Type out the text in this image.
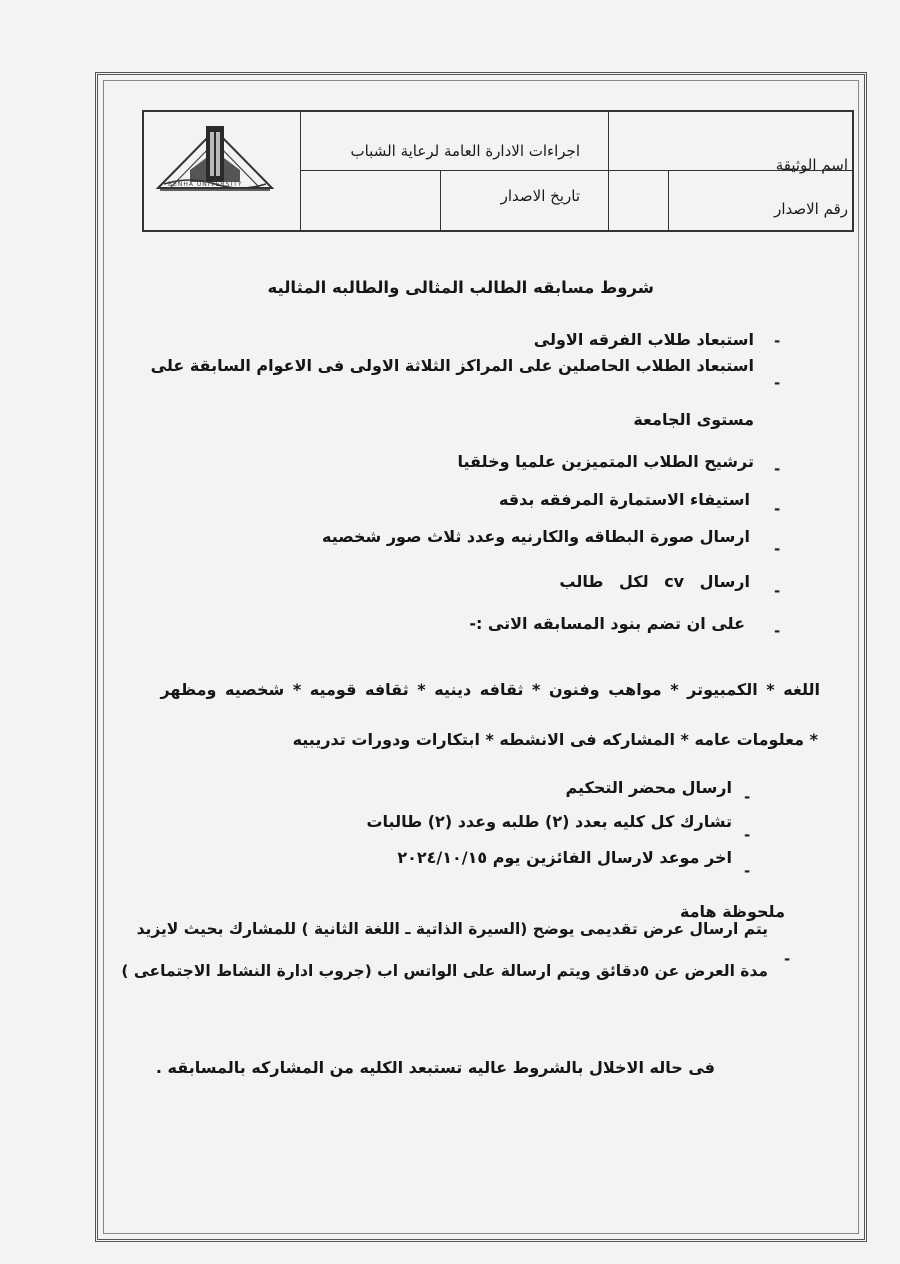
اسم الوثيقة
اجراءات الادارة العامة لرعاية الشباب
رقم الاصدار
تاريخ الاصدار
BENHA UNIVERSITY
شروط مسابقه الطالب المثالى والطالبه المثاليه
-
استبعاد طلاب الفرقه الاولى
-
استبعاد الطلاب الحاصلين على المراكز الثلاثة الاولى فى الاعوام السابقة على
مستوى الجامعة
-
ترشيح الطلاب المتميزين علميا وخلقيا
-
استيفاء الاستمارة المرفقه بدقه
-
ارسال صورة البطاقه والكارنيه وعدد ثلاث صور شخصيه
-
ارسال cv لكل طالب
-
على ان تضم بنود المسابقه الاتى :-
اللغه * الكمبيوتر * مواهب وفنون * ثقافه دينيه * ثقافه قوميه * شخصيه ومظهر
* معلومات عامه * المشاركه فى الانشطه * ابتكارات ودورات تدريبيه
-
ارسال محضر التحكيم
-
تشارك كل كليه بعدد (٢) طلبه وعدد (٢) طالبات
-
اخر موعد لارسال الفائزين يوم ٢٠٢٤/١٠/١٥
ملحوظة هامة
-
يتم ارسال عرض تقديمى يوضح (السيرة الذاتية ـ اللغة الثانية ) للمشارك بحيث لايزيد
مدة العرض عن ٥دقائق ويتم ارسالة على الواتس اب (جروب ادارة النشاط الاجتماعى )
فى حاله الاخلال بالشروط عاليه تستبعد الكليه من المشاركه بالمسابقه .
